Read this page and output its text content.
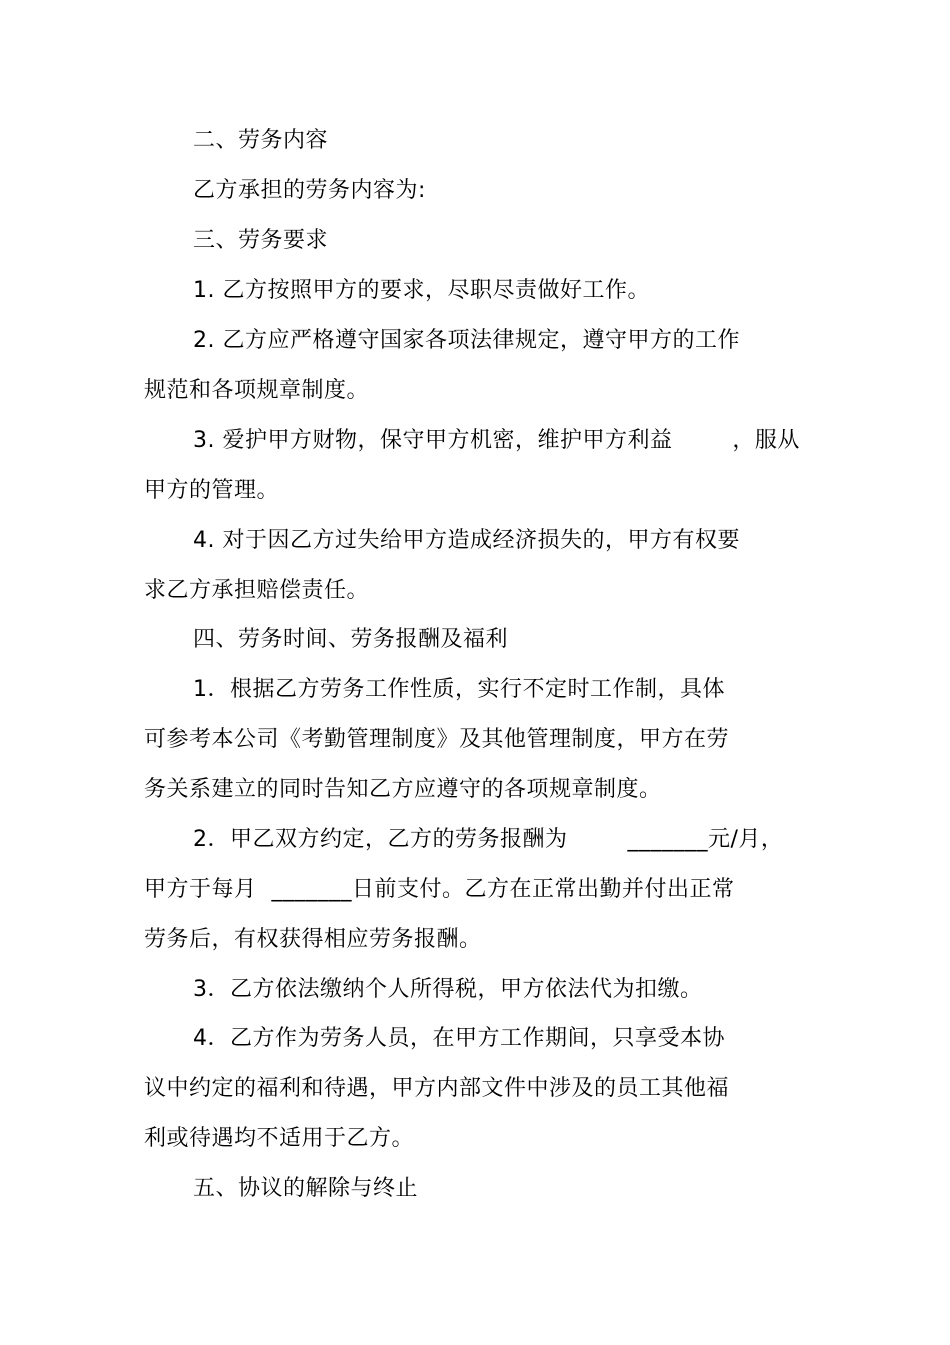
二、劳务内容
乙方承担的劳务内容为:
三、劳务要求
1. 乙方按照甲方的要求，尽职尽责做好工作。
2. 乙方应严格遵守国家各项法律规定，遵守甲方的工作
规范和各项规章制度。
3. 爱护甲方财物，保守甲方机密，维护甲方利益        ，服从
甲方的管理。
4. 对于因乙方过失给甲方造成经济损失的，甲方有权要
求乙方承担赔偿责任。
四、劳务时间、劳务报酬及福利
1．根据乙方劳务工作性质，实行不定时工作制，具体
可参考本公司《考勤管理制度》及其他管理制度，甲方在劳
务关系建立的同时告知乙方应遵守的各项规章制度。
2．甲乙双方约定，乙方的劳务报酬为        _______元/月，
甲方于每月  _______日前支付。乙方在正常出勤并付出正常
劳务后，有权获得相应劳务报酬。
3．乙方依法缴纳个人所得税，甲方依法代为扣缴。
4．乙方作为劳务人员，在甲方工作期间，只享受本协
议中约定的福利和待遇，甲方内部文件中涉及的员工其他福
利或待遇均不适用于乙方。
五、协议的解除与终止
